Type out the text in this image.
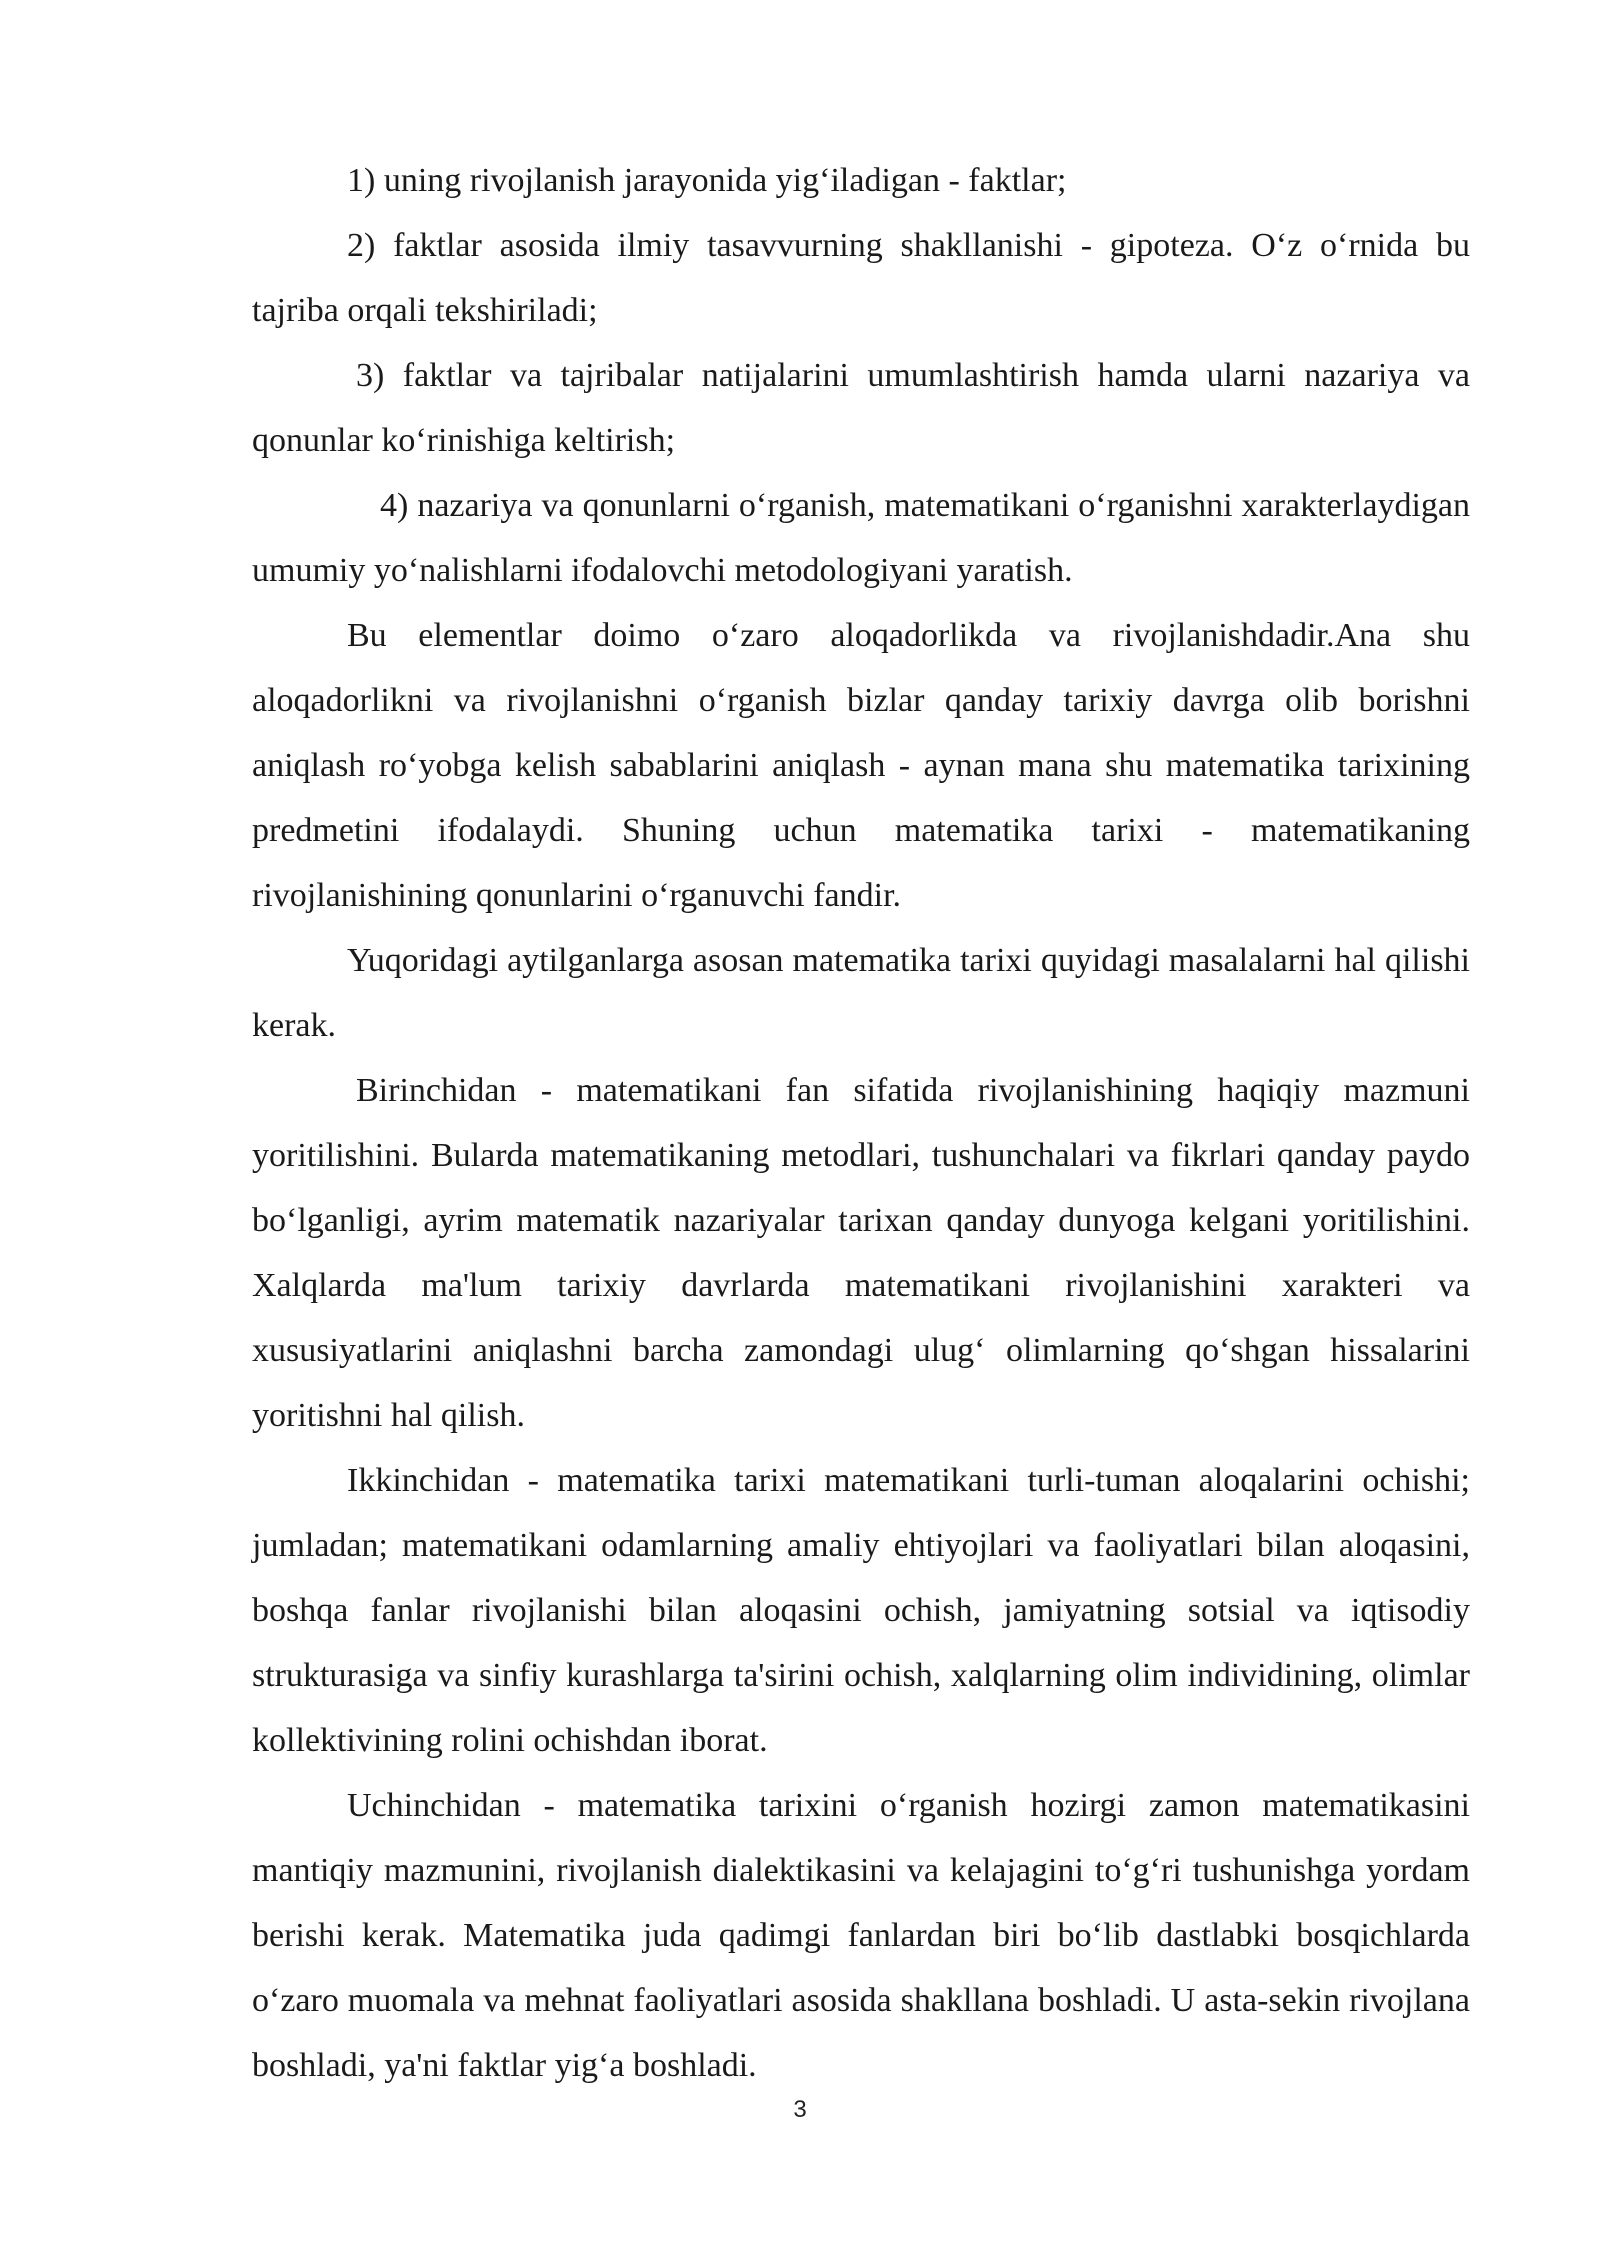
1) uning rivojlanish jarayonida yig‘iladigan - faktlar;

2) faktlar asosida ilmiy tasavvurning shakllanishi - gipoteza. O‘z o‘rnida bu tajriba orqali tekshiriladi;

3) faktlar va tajribalar natijalarini umumlashtirish hamda ularni nazariya va qonunlar ko‘rinishiga keltirish;

4) nazariya va qonunlarni o‘rganish, matematikani o‘rganishni xarakterlaydigan umumiy yo‘nalishlarni ifodalovchi metodologiyani yaratish.

Bu elementlar doimo o‘zaro aloqadorlikda va rivojlanishdadir.Ana shu aloqadorlikni va rivojlanishni o‘rganish bizlar qanday tarixiy davrga olib borishni aniqlash ro‘yobga kelish sabablarini aniqlash - aynan mana shu matematika tarixining predmetini ifodalaydi. Shuning uchun matematika tarixi - matematikaning rivojlanishining qonunlarini o‘rganuvchi fandir.

Yuqoridagi aytilganlarga asosan matematika tarixi quyidagi masalalarni hal qilishi kerak.

Birinchidan - matematikani fan sifatida rivojlanishining haqiqiy mazmuni yoritilishini. Bularda matematikaning metodlari, tushunchalari va fikrlari qanday paydo bo‘lganligi, ayrim matematik nazariyalar tarixan qanday dunyoga kelgani yoritilishini. Xalqlarda ma'lum tarixiy davrlarda matematikani rivojlanishini xarakteri va xususiyatlarini aniqlashni barcha zamondagi ulug‘ olimlarning qo‘shgan hissalarini yoritishni hal qilish.

Ikkinchidan - matematika tarixi matematikani turli-tuman aloqalarini ochishi; jumladan; matematikani odamlarning amaliy ehtiyojlari va faoliyatlari bilan aloqasini, boshqa fanlar rivojlanishi bilan aloqasini ochish, jamiyatning sotsial va iqtisodiy strukturasiga va sinfiy kurashlarga ta'sirini ochish, xalqlarning olim individining, olimlar kollektivining rolini ochishdan iborat.

Uchinchidan - matematika tarixini o‘rganish hozirgi zamon matematikasini mantiqiy mazmunini, rivojlanish dialektikasini va kelajagini to‘g‘ri tushunishga yordam berishi kerak. Matematika juda qadimgi fanlardan biri bo‘lib dastlabki bosqichlarda o‘zaro muomala va mehnat faoliyatlari asosida shakllana boshladi. U asta-sekin rivojlana boshladi, ya'ni faktlar yig‘a boshladi.

3
